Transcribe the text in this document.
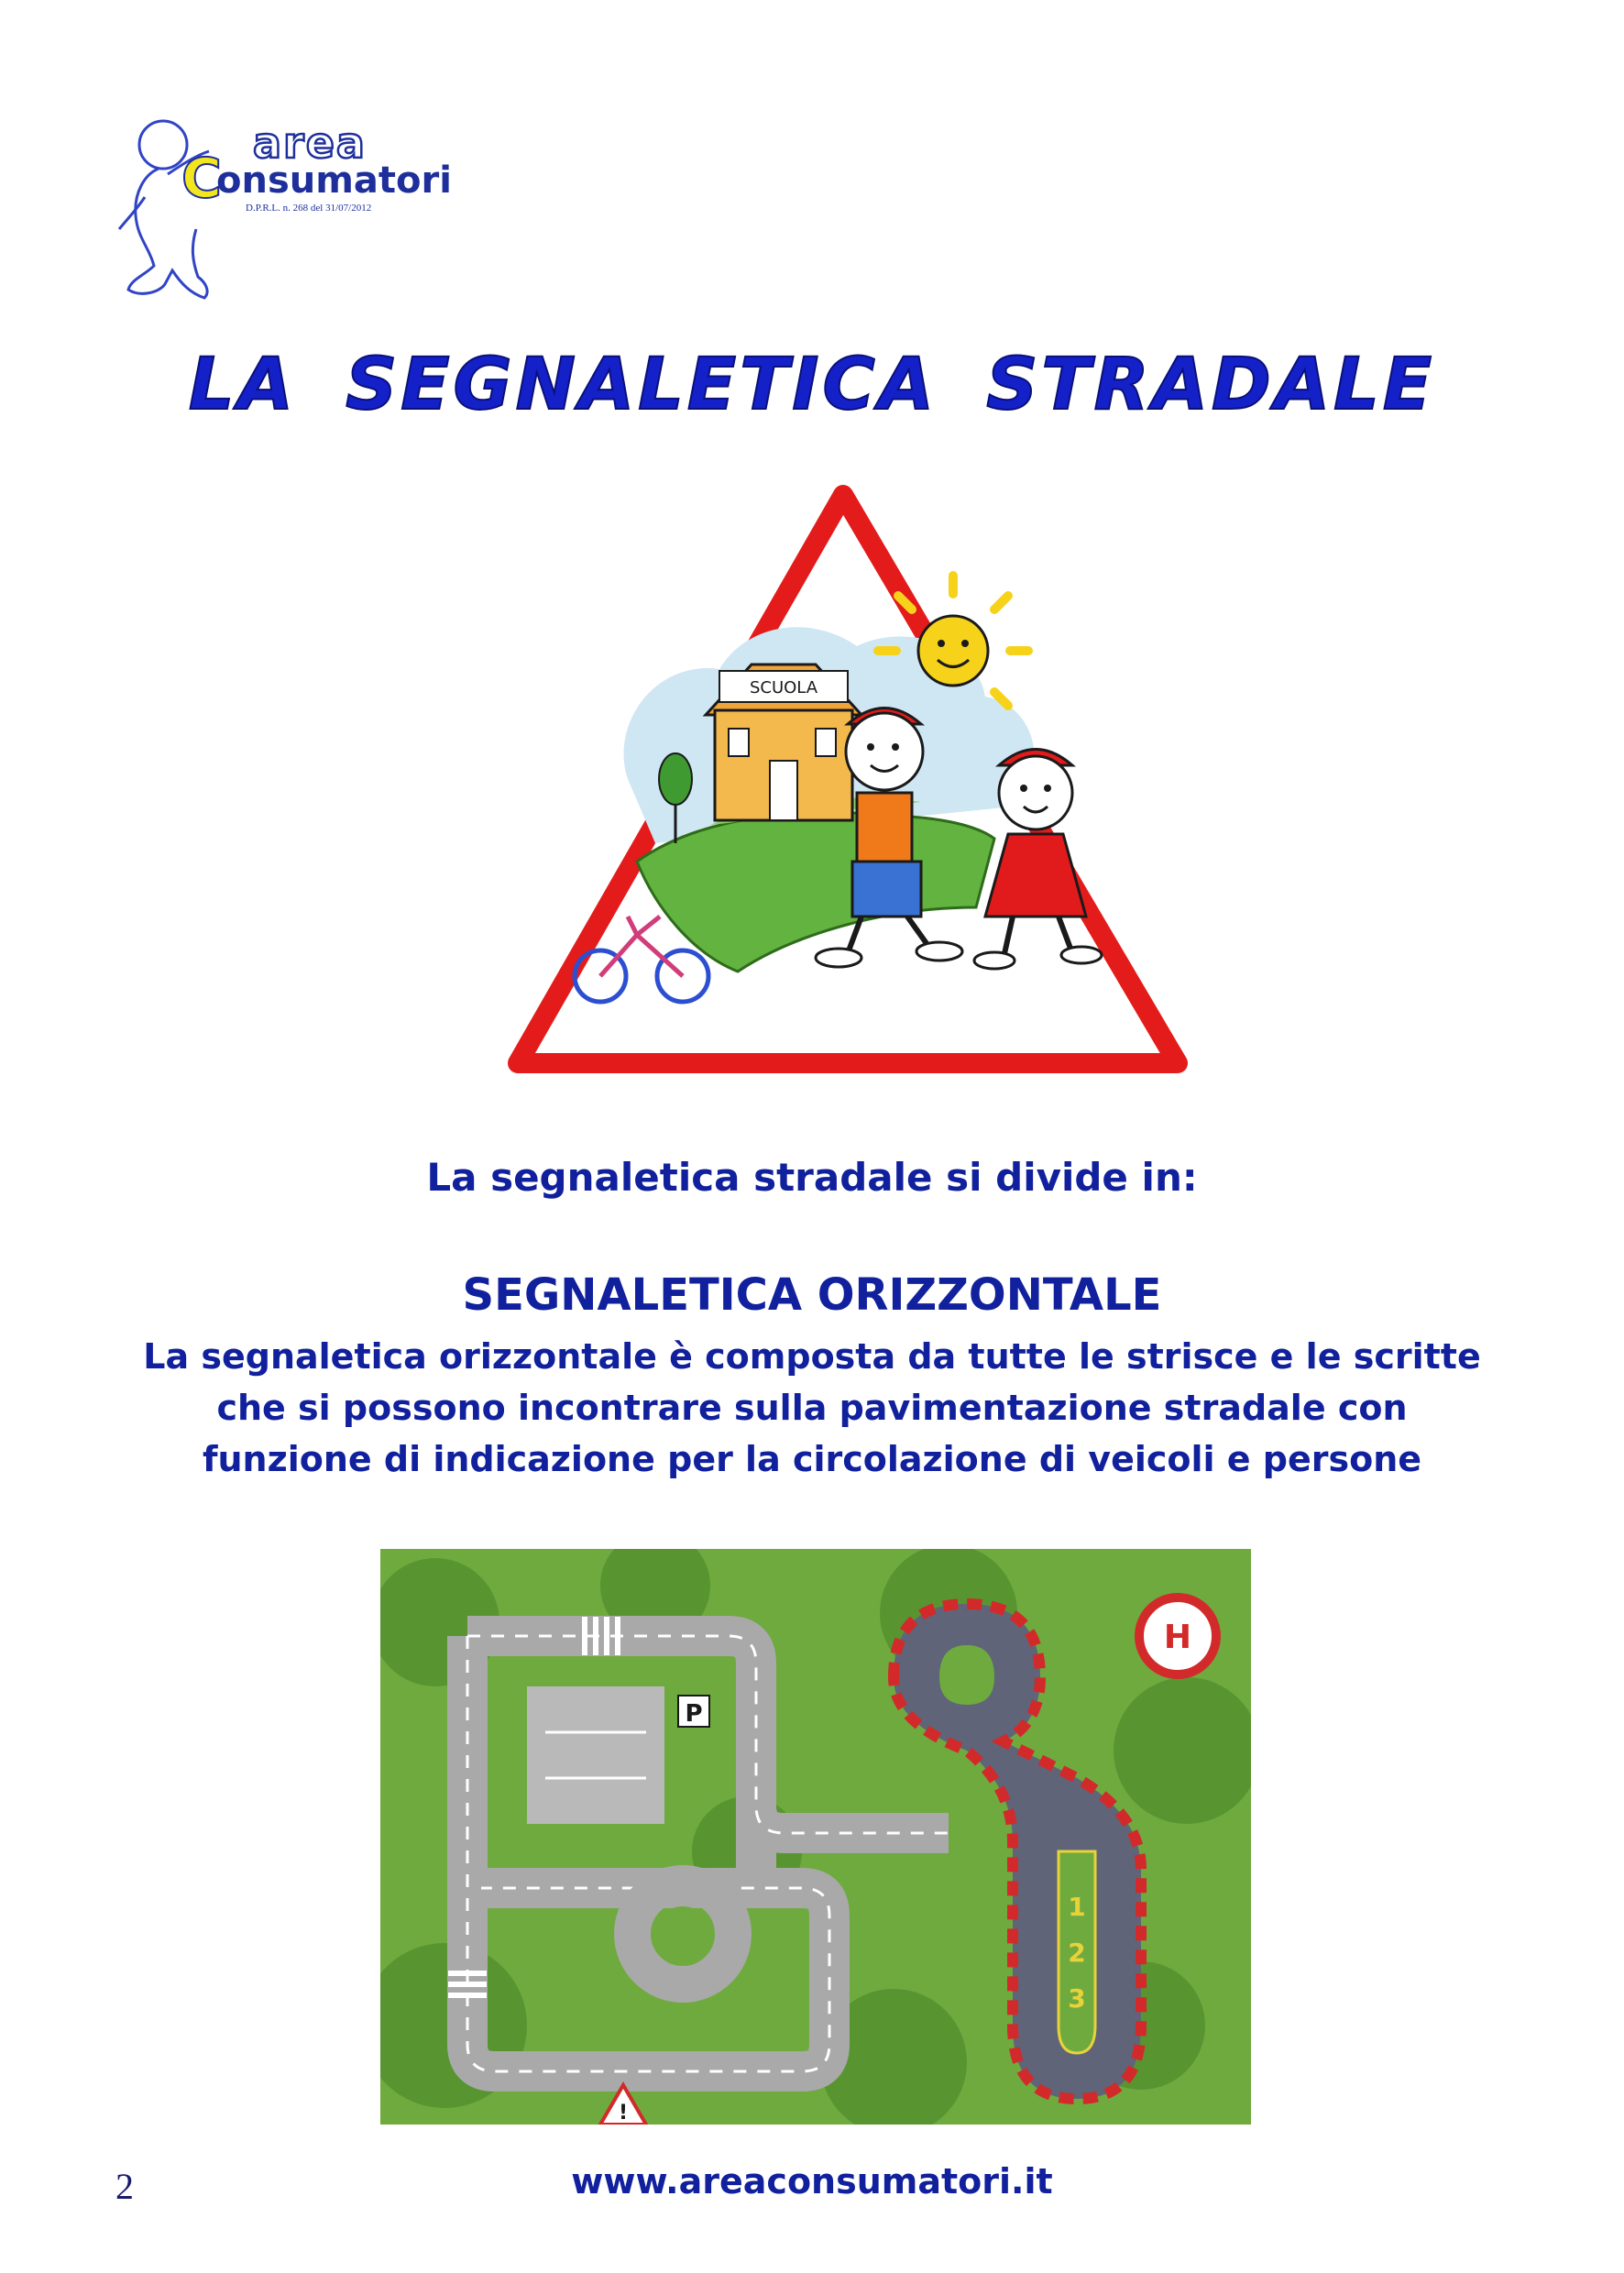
C
area
onsumatori
D.P.R.L. n. 268 del 31/07/2012
LA SEGNALETICA STRADALE
SCUOLA
La segnaletica stradale si divide in:
SEGNALETICA ORIZZONTALE
La segnaletica orizzontale è composta da tutte le strisce e le scritte
che si possono incontrare sulla pavimentazione stradale con
funzione di indicazione per la circolazione di veicoli e persone
P
1
2
3
H
!
2	www.areaconsumatori.it
